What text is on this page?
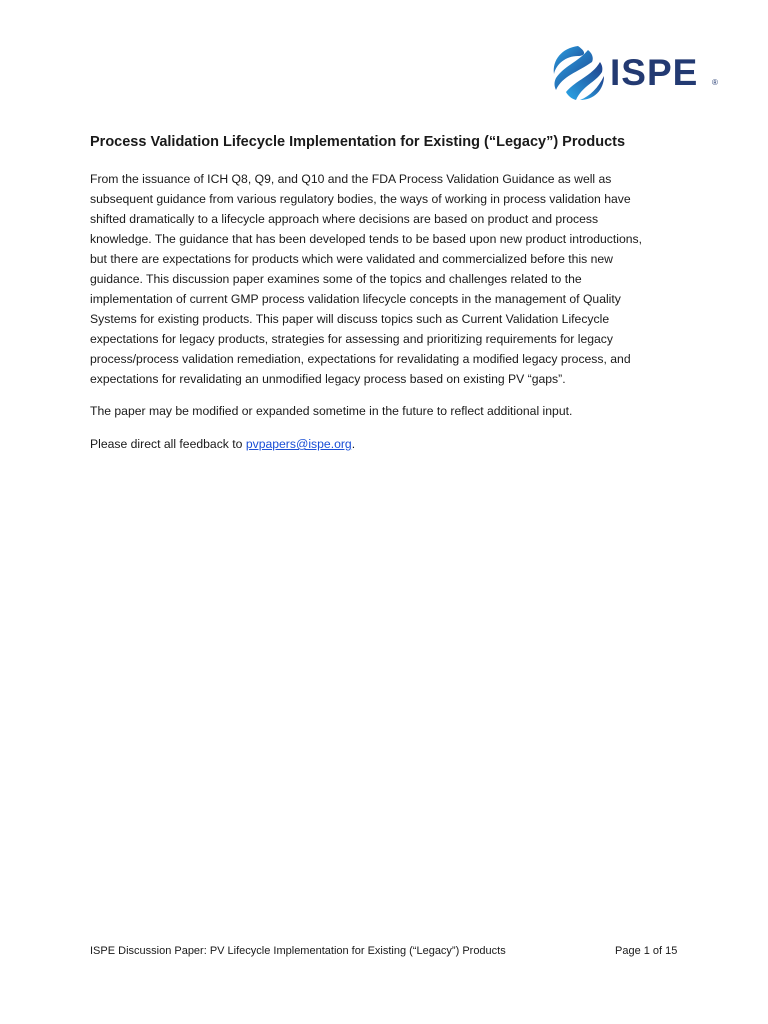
ISPE ®
Process Validation Lifecycle Implementation for Existing (“Legacy”) Products
From the issuance of ICH Q8, Q9, and Q10 and the FDA Process Validation Guidance as well as
subsequent guidance from various regulatory bodies, the ways of working in process validation have
shifted dramatically to a lifecycle approach where decisions are based on product and process
knowledge. The guidance that has been developed tends to be based upon new product introductions,
but there are expectations for products which were validated and commercialized before this new
guidance. This discussion paper examines some of the topics and challenges related to the
implementation of current GMP process validation lifecycle concepts in the management of Quality
Systems for existing products. This paper will discuss topics such as Current Validation Lifecycle
expectations for legacy products, strategies for assessing and prioritizing requirements for legacy
process/process validation remediation, expectations for revalidating a modified legacy process, and
expectations for revalidating an unmodified legacy process based on existing PV “gaps”.
The paper may be modified or expanded sometime in the future to reflect additional input.
Please direct all feedback to pvpapers@ispe.org.
ISPE Discussion Paper: PV Lifecycle Implementation for Existing (“Legacy”) Products	Page 1 of 15
